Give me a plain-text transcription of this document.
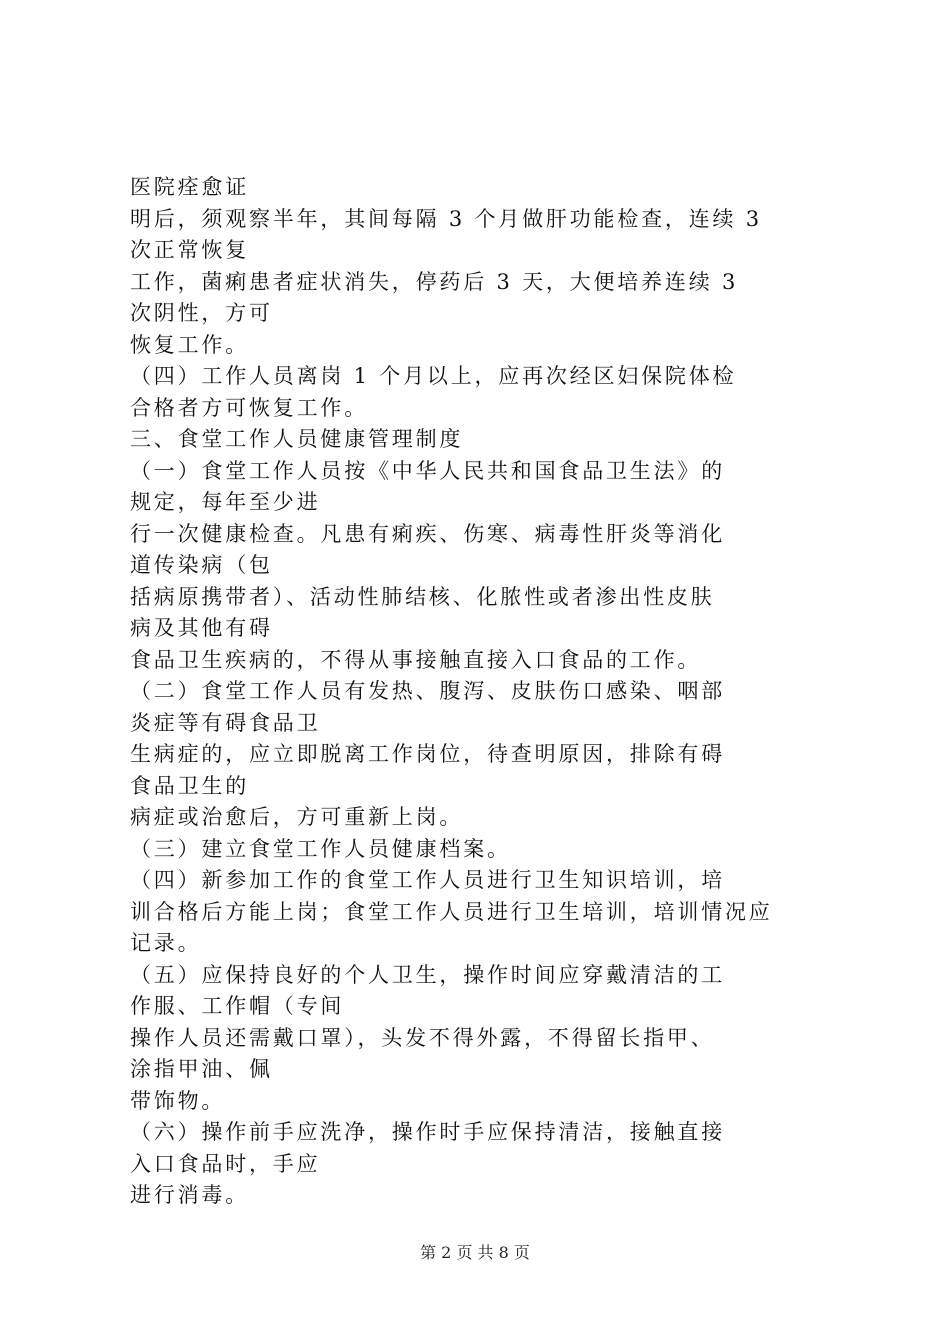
医院痊愈证
明后，须观察半年，其间每隔 3 个月做肝功能检查，连续 3
次正常恢复
工作，菌痢患者症状消失，停药后 3 天，大便培养连续 3
次阴性，方可
恢复工作。
（四）工作人员离岗 1 个月以上，应再次经区妇保院体检
合格者方可恢复工作。
三、食堂工作人员健康管理制度
（一）食堂工作人员按《中华人民共和国食品卫生法》的
规定，每年至少进
行一次健康检查。凡患有痢疾、伤寒、病毒性肝炎等消化
道传染病（包
括病原携带者）、活动性肺结核、化脓性或者渗出性皮肤
病及其他有碍
食品卫生疾病的，不得从事接触直接入口食品的工作。
（二）食堂工作人员有发热、腹泻、皮肤伤口感染、咽部
炎症等有碍食品卫
生病症的，应立即脱离工作岗位，待查明原因，排除有碍
食品卫生的
病症或治愈后，方可重新上岗。
（三）建立食堂工作人员健康档案。
（四）新参加工作的食堂工作人员进行卫生知识培训，培
训合格后方能上岗；食堂工作人员进行卫生培训，培训情况应
记录。
（五）应保持良好的个人卫生，操作时间应穿戴清洁的工
作服、工作帽（专间
操作人员还需戴口罩），头发不得外露，不得留长指甲、
涂指甲油、佩
带饰物。
（六）操作前手应洗净，操作时手应保持清洁，接触直接
入口食品时，手应
进行消毒。
第 2 页 共 8 页
